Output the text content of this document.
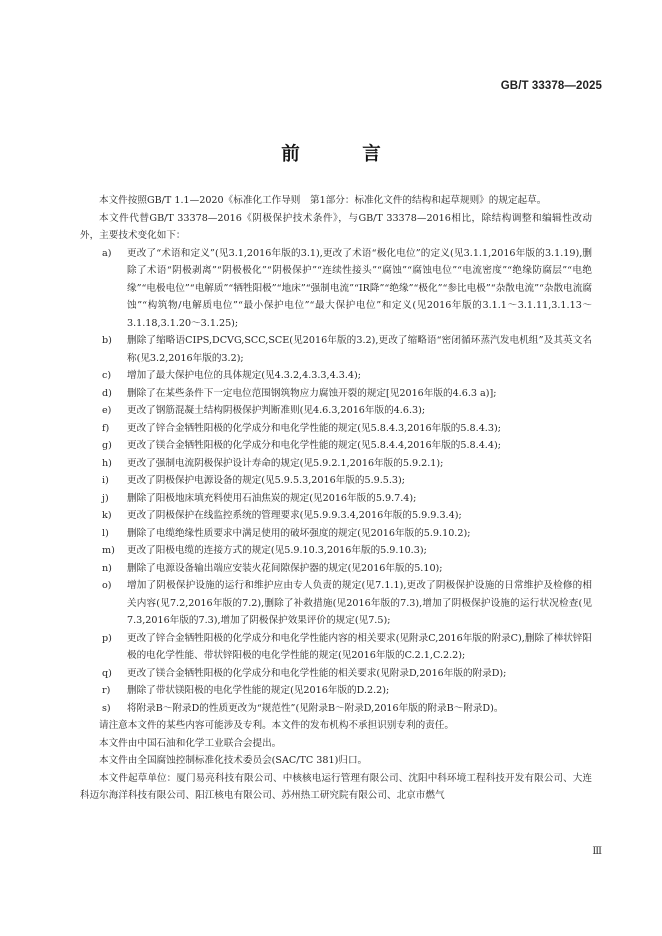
GB/T 33378—2025
前 言
本文件按照GB/T 1.1—2020《标准化工作导则　第1部分：标准化文件的结构和起草规则》的规定起草。
本文件代替GB/T 33378—2016《阴极保护技术条件》，与GB/T 33378—2016相比，除结构调整和编辑性改动外，主要技术变化如下：
a) 更改了“术语和定义”(见3.1,2016年版的3.1),更改了术语“极化电位”的定义(见3.1.1,2016年版的3.1.19),删除了术语“阴极剥离”“阴极极化”“阴极保护”“连续性接头”“腐蚀”“腐蚀电位”“电流密度”“绝缘防腐层”“电绝缘”“电极电位”“电解质”“牺牲阳极”“地床”“强制电流”“IR降”“绝缘”“极化”“参比电极”“杂散电流”“杂散电流腐蚀”“构筑物/电解质电位”“最小保护电位”“最大保护电位”和定义(见2016年版的3.1.1～3.1.11,3.1.13～3.1.18,3.1.20～3.1.25);
b) 删除了缩略语CIPS,DCVG,SCC,SCE(见2016年版的3.2),更改了缩略语“密闭循环蒸汽发电机组”及其英文名称(见3.2,2016年版的3.2);
c) 增加了最大保护电位的具体规定(见4.3.2,4.3.3,4.3.4);
d) 删除了在某些条件下一定电位范围钢筑物应力腐蚀开裂的规定[见2016年版的4.6.3 a)];
e) 更改了钢筋混凝土结构阴极保护判断准则(见4.6.3,2016年版的4.6.3);
f) 更改了锌合金牺牲阳极的化学成分和电化学性能的规定(见5.8.4.3,2016年版的5.8.4.3);
g) 更改了镁合金牺牲阳极的化学成分和电化学性能的规定(见5.8.4.4,2016年版的5.8.4.4);
h) 更改了强制电流阴极保护设计寿命的规定(见5.9.2.1,2016年版的5.9.2.1);
i) 更改了阴极保护电源设备的规定(见5.9.5.3,2016年版的5.9.5.3);
j) 删除了阳极地床填充料使用石油焦炭的规定(见2016年版的5.9.7.4);
k) 更改了阴极保护在线监控系统的管理要求(见5.9.9.3.4,2016年版的5.9.9.3.4);
l) 删除了电缆绝缘性质要求中满足使用的破坏强度的规定(见2016年版的5.9.10.2);
m) 更改了阳极电缆的连接方式的规定(见5.9.10.3,2016年版的5.9.10.3);
n) 删除了电源设备输出端应安装火花间隙保护器的规定(见2016年版的5.10);
o) 增加了阴极保护设施的运行和维护应由专人负责的规定(见7.1.1),更改了阴极保护设施的日常维护及检修的相关内容(见7.2,2016年版的7.2),删除了补救措施(见2016年版的7.3),增加了阴极保护设施的运行状况检查(见7.3,2016年版的7.3),增加了阴极保护效果评价的规定(见7.5);
p) 更改了锌合金牺牲阳极的化学成分和电化学性能内容的相关要求(见附录C,2016年版的附录C),删除了棒状锌阳极的电化学性能、带状锌阳极的电化学性能的规定(见2016年版的C.2.1,C.2.2);
q) 更改了镁合金牺牲阳极的化学成分和电化学性能的相关要求(见附录D,2016年版的附录D);
r) 删除了带状镁阳极的电化学性能的规定(见2016年版的D.2.2);
s) 将附录B～附录D的性质更改为“规范性”(见附录B～附录D,2016年版的附录B～附录D)。
请注意本文件的某些内容可能涉及专利。本文件的发布机构不承担识别专利的责任。
本文件由中国石油和化学工业联合会提出。
本文件由全国腐蚀控制标准化技术委员会(SAC/TC 381)归口。
本文件起草单位：厦门易亮科技有限公司、中核核电运行管理有限公司、沈阳中科环境工程科技开发有限公司、大连科迈尔海洋科技有限公司、阳江核电有限公司、苏州热工研究院有限公司、北京市燃气
Ⅲ
